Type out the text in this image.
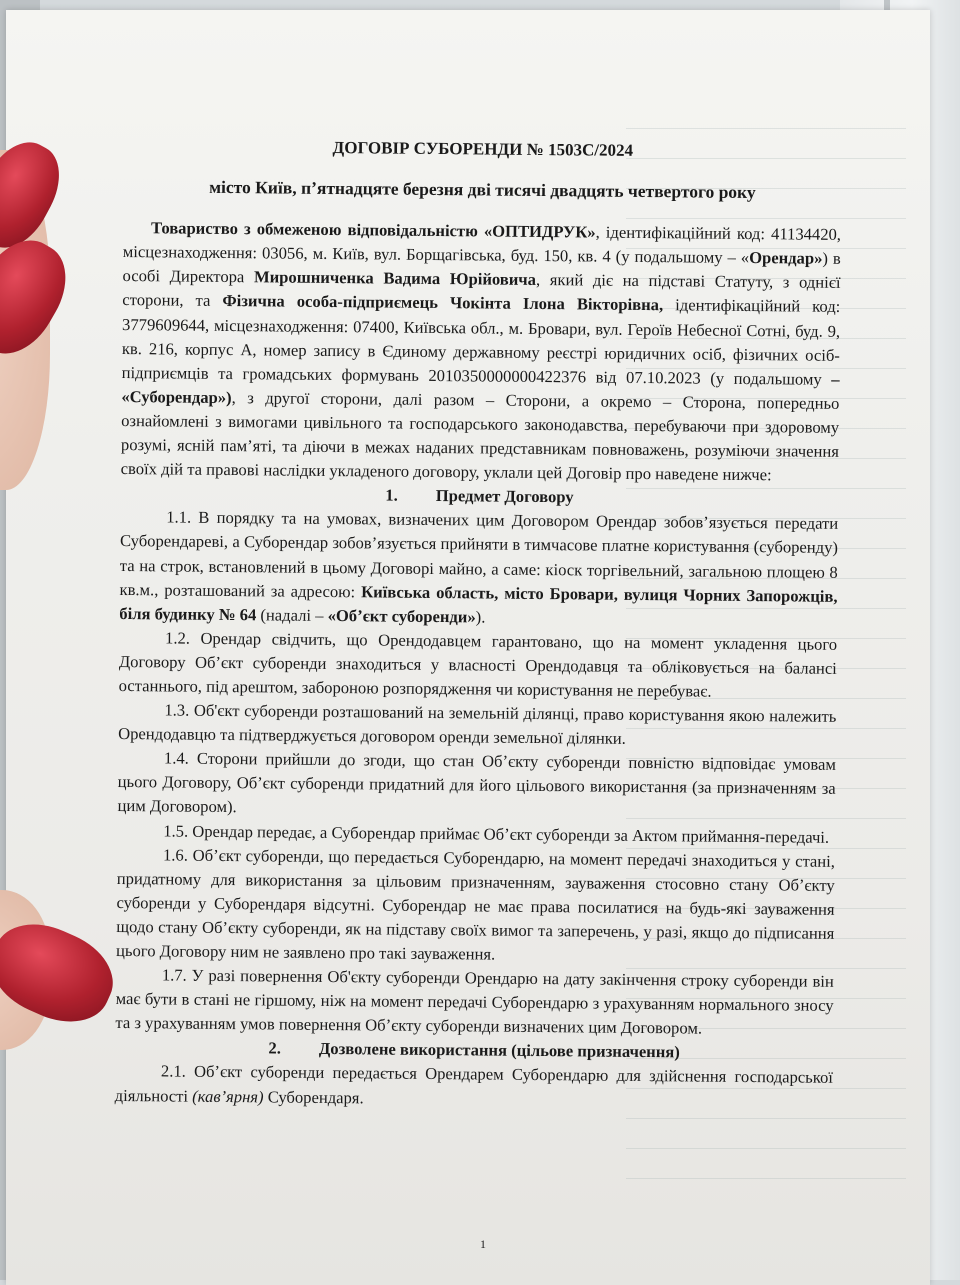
ДОГОВІР СУБОРЕНДИ № 1503С/2024
місто Київ, п’ятнадцяте березня дві тисячі двадцять четвертого року

Товариство з обмеженою відповідальністю «ОПТИДРУК», ідентифікаційний код: 41134420, місцезнаходження: 03056, м. Київ, вул. Борщагівська, буд. 150, кв. 4 (у подальшому – «Орендар») в особі Директора Мирошниченка Вадима Юрійовича, який діє на підставі Статуту, з однієї сторони, та Фізична особа-підприємець Чокінта Ілона Вікторівна, ідентифікаційний код: 3779609644, місцезнаходження: 07400, Київська обл., м. Бровари, вул. Героїв Небесної Сотні, буд. 9, кв. 216, корпус А, номер запису в Єдиному державному реєстрі юридичних осіб, фізичних осіб-підприємців та громадських формувань 2010350000000422376 від 07.10.2023 (у подальшому – «Суборендар»), з другої сторони, далі разом – Сторони, а окремо – Сторона, попередньо ознайомлені з вимогами цивільного та господарського законодавства, перебуваючи при здоровому розумі, ясній пам’яті, та діючи в межах наданих представникам повноважень, розуміючи значення своїх дій та правові наслідки укладеного договору, уклали цей Договір про наведене нижче:

1. Предмет Договору

1.1. В порядку та на умовах, визначених цим Договором Орендар зобов’язується передати Суборендареві, а Суборендар зобов’язується прийняти в тимчасове платне користування (суборенду) та на строк, встановлений в цьому Договорі майно, а саме: кіоск торгівельний, загальною площею 8 кв.м., розташований за адресою: Київська область, місто Бровари, вулиця Чорних Запорожців, біля будинку № 64 (надалі – «Об’єкт суборенди»).

1.2. Орендар свідчить, що Орендодавцем гарантовано, що на момент укладення цього Договору Об’єкт суборенди знаходиться у власності Орендодавця та обліковується на балансі останнього, під арештом, забороною розпорядження чи користування не перебуває.

1.3. Об'єкт суборенди розташований на земельній ділянці, право користування якою належить Орендодавцю та підтверджується договором оренди земельної ділянки.

1.4. Сторони прийшли до згоди, що стан Об’єкту суборенди повністю відповідає умовам цього Договору, Об’єкт суборенди придатний для його цільового використання (за призначенням за цим Договором).

1.5. Орендар передає, а Суборендар приймає Об’єкт суборенди за Актом приймання-передачі.

1.6. Об’єкт суборенди, що передається Суборендарю, на момент передачі знаходиться у стані, придатному для використання за цільовим призначенням, зауваження стосовно стану Об’єкту суборенди у Суборендаря відсутні. Суборендар не має права посилатися на будь-які зауваження щодо стану Об’єкту суборенди, як на підставу своїх вимог та заперечень, у разі, якщо до підписання цього Договору ним не заявлено про такі зауваження.

1.7. У разі повернення Об'єкту суборенди Орендарю на дату закінчення строку суборенди він має бути в стані не гіршому, ніж на момент передачі Суборендарю з урахуванням нормального зносу та з урахуванням умов повернення Об’єкту суборенди визначених цим Договором.

2. Дозволене використання (цільове призначення)

2.1. Об’єкт суборенди передається Орендарем Суборендарю для здійснення господарської діяльності (кав’ярня) Суборендаря.

1
